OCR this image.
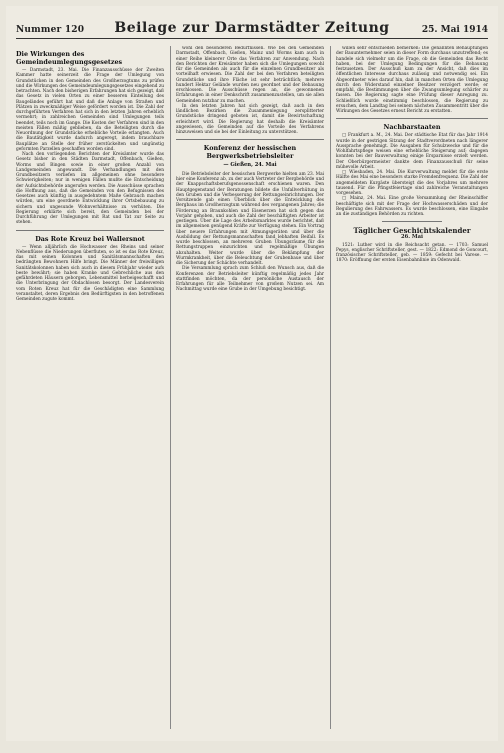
Nummer 120	Beilage zur Darmstädter Zeitung	25. Mai 1914
Die Wirkungen des Gemeindeumlegungsgesetzes

— Darmstadt, 23. Mai. Die Finanzausschüsse der Zweiten Kammer hatte seinerzeit die Frage der Umlegung von Grundstücken in den Gemeinden des Großherzogtums zu prüfen und die Wirkungen des Gemeindeumlegungsgesetzes eingehend zu betrachten. Nach den bisherigen Erfahrungen hat sich gezeigt, daß das Gesetz in vielen Orten zu einer besseren Einteilung des Baugeländes geführt hat und daß die Anlage von Straßen und Plätzen in zweckmäßiger Weise gefördert worden ist. Die Zahl der durchgeführten Verfahren hat sich in den letzten Jahren erheblich vermehrt; in zahlreichen Gemeinden sind Umlegungen teils beendet, teils noch im Gange. Die Kosten der Verfahren sind in den meisten Fällen mäßig geblieben, da die Beteiligten durch die Neuordnung der Grundstücke erhebliche Vorteile erlangten. Auch die Bautätigkeit wurde dadurch angeregt, indem brauchbare Bauplätze an Stelle der früher zerstückelten und ungünstig geformten Parzellen geschaffen worden sind.

Nach den vorliegenden Berichten der Kreisämter wurde das Gesetz bisher in den Städten Darmstadt, Offenbach, Gießen, Worms und Bingen sowie in einer großen Anzahl von Landgemeinden angewandt. Die Verhandlungen mit den Grundbesitzern verliefen im allgemeinen ohne besondere Schwierigkeiten; nur in wenigen Fällen mußte die Entscheidung der Aufsichtsbehörde angerufen werden. Die Ausschüsse sprachen die Hoffnung aus, daß die Gemeinden von den Befugnissen des Gesetzes auch künftig in ausgedehntem Maße Gebrauch machen würden, um eine geordnete Entwicklung ihrer Ortsbebauung zu sichern und ungesunde Wohnverhältnisse zu verhüten. Die Regierung erklärte sich bereit, den Gemeinden bei der Durchführung der Umlegungen mit Rat und Tat zur Seite zu stehen.

Das Rote Kreuz bei Wallersnot

— Wenn alljährlich die Hochwasser des Rheins und seiner Nebenflüsse die Niederungen überfluten, so ist es das Rote Kreuz, das mit seinen Kolonnen und Sanitätsmannschaften den bedrängten Bewohnern Hilfe bringt. Die Männer der freiwilligen Sanitätskolonnen haben sich auch in diesem Frühjahr wieder aufs beste bewährt; sie haben Kranke und Gebrechliche aus den gefährdeten Häusern geborgen, Lebensmittel herbeigeschafft und die Unterbringung der Obdachlosen besorgt. Der Landesverein vom Roten Kreuz hat für die Geschädigten eine Sammlung veranstaltet, deren Ergebnis den Bedürftigsten in den betroffenen Gemeinden zugute kommt.

wohl den besonderen Bedürfnissen. Wie bei den Gemeinden Darmstadt, Offenbach, Gießen, Mainz und Worms kam auch in einer Reihe kleinerer Orte das Verfahren zur Anwendung. Nach den Berichten der Kreisämter haben sich die Umlegungen sowohl für die Gemeinden als auch für die einzelnen Grundbesitzer als vorteilhaft erwiesen. Die Zahl der bei den Verfahren beteiligten Grundstücke und ihre Fläche ist sehr beträchtlich; mehrere hundert Hektar Gelände wurden neu geordnet und der Bebauung erschlossen. Die Ausschüsse regen an, die gewonnenen Erfahrungen in einer Denkschrift zusammenzustellen, um sie allen Gemeinden nutzbar zu machen.

In den letzten Jahren hat sich gezeigt, daß auch in den ländlichen Bezirken die Zusammenlegung zersplitterter Grundstücke dringend geboten ist, damit die Bewirtschaftung erleichtert wird. Die Regierung hat deshalb die Kreisämter angewiesen, die Gemeinden auf die Vorteile des Verfahrens hinzuweisen und sie bei der Einleitung zu unterstützen.

Konferenz der hessischen Bergwerksbetriebsleiter
— Gießen, 24. Mai

Die Betriebsleiter der hessischen Bergwerke hielten am 23. Mai hier eine Konferenz ab, zu der auch Vertreter der Bergbehörde und der Knappschaftsberufsgenossenschaft erschienen waren. Den Hauptgegenstand der Beratungen bildete die Unfallverhütung in den Gruben und die Verbesserung der Rettungseinrichtungen. Der Vorsitzende gab einen Überblick über die Entwicklung des Bergbaus im Großherzogtum während des vergangenen Jahres; die Förderung an Braunkohlen und Eisenerzen hat sich gegen das Vorjahr gehoben, und auch die Zahl der beschäftigten Arbeiter ist gestiegen. Über die Lage des Arbeitsmarktes wurde berichtet, daß im allgemeinen genügend Kräfte zur Verfügung stehen. Ein Vortrag über neuere Erfahrungen mit Atmungsgeräten und über die Ausbildung der Rettungsmannschaften fand lebhaften Beifall. Es wurde beschlossen, an mehreren Gruben Übungsräume für die Rettungstruppen einzurichten und regelmäßige Übungen abzuhalten. Weiter wurde über die Bekämpfung der Wurmkrankheit, über die Beleuchtung der Grubenbaue und über die Sicherung der Schächte verhandelt.

Die Versammlung sprach zum Schluß den Wunsch aus, daß die Konferenzen der Betriebsleiter künftig regelmäßig jedes Jahr stattfinden möchten, da der persönliche Austausch der Erfahrungen für alle Teilnehmer von großem Nutzen sei. Am Nachmittag wurde eine Grube in der Umgebung besichtigt.

willen sehr entschieden bemerken: Die genannten Behauptungen der Bauunternehmer seien in dieser Form durchaus unzutreffend; es handele sich vielmehr um die Frage, ob die Gemeinden das Recht haben, bei der Umlegung Bedingungen für die Bebauung festzusetzen. Der Ausschuß kam zu der Ansicht, daß dies im öffentlichen Interesse durchaus zulässig und notwendig sei. Ein Abgeordneter wies darauf hin, daß in manchen Orten die Umlegung durch den Widerstand einzelner Besitzer verzögert werde; er empfahl, die Bestimmungen über die Zwangsumlegung schärfer zu fassen. Die Regierung sagte eine Prüfung dieser Anregung zu. Schließlich wurde einstimmig beschlossen, die Regierung zu ersuchen, dem Landtag bei seinem nächsten Zusammentritt über die Wirkungen des Gesetzes erneut Bericht zu erstatten.

Nachbarstaaten

□ Frankfurt a. M., 24. Mai. Der städtische Etat für das Jahr 1914 wurde in der gestrigen Sitzung der Stadtverordneten nach längerer Aussprache genehmigt. Die Ausgaben für Schulzwecke und für die Wohlfahrtspflege weisen eine erhebliche Steigerung auf; dagegen konnten bei der Bauverwaltung einige Ersparnisse erzielt werden. Der Oberbürgermeister dankte dem Finanzausschuß für seine mühevolle Arbeit.

□ Wiesbaden, 24. Mai. Die Kurverwaltung meldet für die erste Hälfte des Mai eine besonders starke Fremdenfrequenz. Die Zahl der angemeldeten Kurgäste übersteigt die des Vorjahres um mehrere tausend. Für die Pfingstfeiertage sind zahlreiche Veranstaltungen vorgesehen.

□ Mainz, 24. Mai. Eine große Versammlung der Rheinschiffer beschäftigte sich mit der Frage der Hochwasserschäden und der Regulierung des Fahrwassers. Es wurde beschlossen, eine Eingabe an die zuständigen Behörden zu richten.

Täglicher Geschichtskalender
26. Mai

1521: Luther wird in die Reichsacht getan. — 1703: Samuel Pepys, englischer Schriftsteller, gest. — 1822: Edmond de Goncourt, französischer Schriftsteller, geb. — 1859: Gefecht bei Varese. — 1870: Eröffnung der ersten Eisenbahnlinie im Odenwald.
